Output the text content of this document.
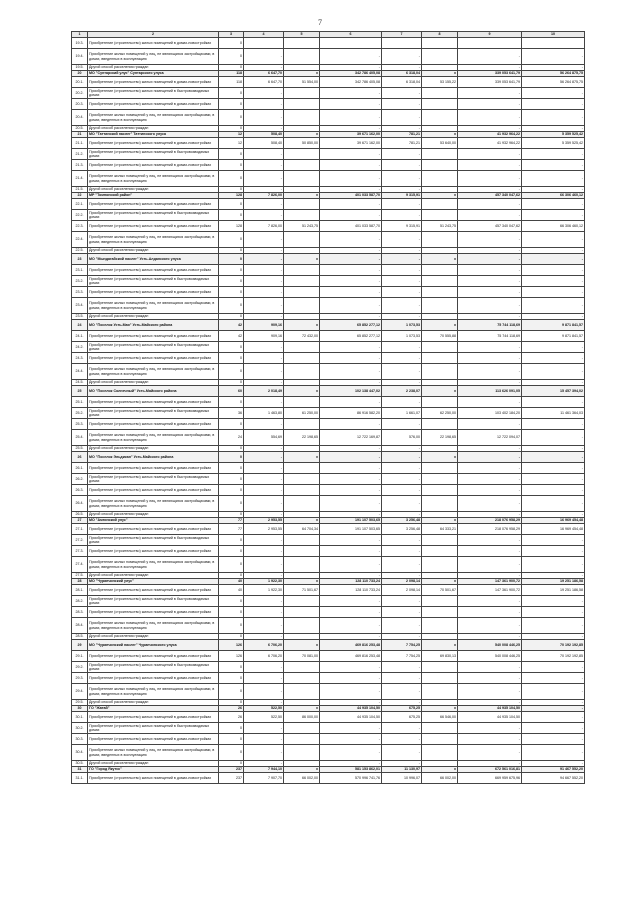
7
1	2	3	4	5	6	7	8	9	10
19.3.	Приобретение (строительство) жилых помещений в домах-новостройках	0							
19.4.	Приобретение жилых помещений у лиц, не являющихся застройщиками, в домах, введенных в эксплуатацию	0	-		-	-		-	-
19.5.	Другой способ расселения граждан	0	-		-	-		-	-
20	МО "Сунтарский улус" Сунтарского улуса	118	6 647,70	х	342 786 405,08	6 318,04	х	339 053 641,79	56 264 875,75
20.1.	Приобретение (строительство) жилых помещений в домах-новостройках	118	6 647,70	51 554,00	342 786 405,08	6 318,04	53 155,22	339 053 641,79	56 264 875,75
20.2.	Приобретение (строительство) жилых помещений в быстровозводимых домах	0	-		-	-		-	-
20.3.	Приобретение (строительство) жилых помещений в домах-новостройках	0	-		-	-		-	-
20.4.	Приобретение жилых помещений у лиц, не являющихся застройщиками, в домах, введенных в эксплуатацию	0	-		-	-		-	-
20.5.	Другой способ расселения граждан	0	-		-	-		-	-
21	МО "Таттинский наслег" Таттинского улуса	12	508,40	х	39 671 162,00	781,21	х	41 932 964,22	5 359 525,42
21.1.	Приобретение (строительство) жилых помещений в домах-новостройках	12	508,40	50 850,00	39 671 162,00	781,21	53 640,00	41 932 964,22	5 359 525,42
21.2.	Приобретение (строительство) жилых помещений в быстровозводимых домах	0	-		-	-		-	-
21.3.	Приобретение (строительство) жилых помещений в домах-новостройках	0	-		-	-		-	-
21.4.	Приобретение жилых помещений у лиц, не являющихся застройщиками, в домах, введенных в эксплуатацию	0	-		-	-		-	-
21.5.	Другой способ расселения граждан	0	-		-	-		-	-
22	МР "Томпонский район"	128	7 826,00	х	401 033 587,70	9 315,91	х	457 340 047,62	66 306 460,12
22.1.	Приобретение (строительство) жилых помещений в домах-новостройках	0	-		-	-		-	-
22.2.	Приобретение (строительство) жилых помещений в быстровозводимых домах	0	-		-	-		-	-
22.3.	Приобретение (строительство) жилых помещений в домах-новостройках	128	7 826,00	51 243,75	401 033 587,70	9 315,91	51 243,75	457 340 047,62	66 306 460,12
22.4.	Приобретение жилых помещений у лиц, не являющихся застройщиками, в домах, введенных в эксплуатацию	0	-		-	-		-	-
22.5.	Другой способ расселения граждан	0	-		-	-		-	-
23	МО "Мындагайский наслег" Усть-Алданского улуса	0	-	х	-	-	х	-	-
23.1.	Приобретение (строительство) жилых помещений в домах-новостройках	0	-		-	-		-	-
23.2.	Приобретение (строительство) жилых помещений в быстровозводимых домах	0	-		-	-		-	-
23.3.	Приобретение (строительство) жилых помещений в домах-новостройках	0	-		-	-		-	-
23.4.	Приобретение жилых помещений у лиц, не являющихся застройщиками, в домах, введенных в эксплуатацию	0	-		-	-		-	-
23.5.	Другой способ расселения граждан	0	-		-	-		-	-
24	МО "Поселок Усть-Мая" Усть-Майского района	42	909,16	х	65 852 277,12	1 073,53	х	75 744 118,69	9 871 841,57
24.1.	Приобретение (строительство) жилых помещений в домах-новостройках	42	909,16	72 432,00	65 852 277,12	1 073,53	70 555,88	75 744 118,69	9 871 841,57
24.2.	Приобретение (строительство) жилых помещений в быстровозводимых домах	0	-		-	-		-	-
24.3.	Приобретение (строительство) жилых помещений в домах-новостройках	0	-		-	-		-	-
24.4.	Приобретение жилых помещений у лиц, не являющихся застройщиками, в домах, введенных в эксплуатацию	0	-		-	-		-	-
24.5.	Другой способ расселения граждан	0	-		-	-		-	-
25	МО "Поселок Солнечный" Усть-Майского района	60	2 018,49	х	102 138 447,02	2 238,07	х	113 626 091,05	15 457 394,02
25.1.	Приобретение (строительство) жилых помещений в домах-новостройках	0	-		-	-		-	-
25.2.	Приобретение (строительство) жилых помещений в быстровозводимых домах	36	1 463,80	61 250,00	86 916 582,20	1 661,07	62 250,00	103 402 184,20	11 461 364,03
25.3.	Приобретение (строительство) жилых помещений в домах-новостройках	0	-		-	-		-	-
25.4.	Приобретение жилых помещений у лиц, не являющихся застройщиками, в домах, введенных в эксплуатацию	24	554,69	22 198,65	12 722 169,87	576,00	22 198,65	12 722 094,07	-
25.5.	Другой способ расселения граждан	0	-		-	-		-	-
26	МО "Поселок Эльдикан" Усть-Майского района	0	-	х	-	-	х	-	-
26.1.	Приобретение (строительство) жилых помещений в домах-новостройках	0	-		-	-		-	-
26.2.	Приобретение (строительство) жилых помещений в быстровозводимых домах	0	-		-	-		-	-
26.3.	Приобретение (строительство) жилых помещений в домах-новостройках	0	-		-	-		-	-
26.4.	Приобретение жилых помещений у лиц, не являющихся застройщиками, в домах, введенных в эксплуатацию	0	-		-	-		-	-
26.5.	Другой способ расселения граждан	0	-		-	-		-	-
27	МО "Амгинский улус"	77	2 953,55	х	191 107 503,65	3 256,48	х	218 076 958,29	16 969 454,48
27.1.	Приобретение (строительство) жилых помещений в домах-новостройках	77	2 953,55	64 704,34	191 107 503,65	3 256,48	64 333,21	218 076 958,29	16 969 454,48
27.2.	Приобретение (строительство) жилых помещений в быстровозводимых домах	0	-		-	-		-	-
27.3.	Приобретение (строительство) жилых помещений в домах-новостройках	0	-		-	-		-	-
27.4.	Приобретение жилых помещений у лиц, не являющихся застройщиками, в домах, введенных в эксплуатацию	0	-		-	-		-	-
27.5.	Другой способ расселения граждан	0	-		-	-		-	-
28	МО "Чурапчинский улус"	40	1 922,30	х	128 110 733,24	2 098,14	х	147 361 900,72	19 251 186,58
28.1.	Приобретение (строительство) жилых помещений в домах-новостройках	40	1 922,30	71 501,67	128 110 733,24	2 098,14	70 501,67	147 361 900,72	19 251 186,58
28.2.	Приобретение (строительство) жилых помещений в быстровозводимых домах	0	-		-	-		-	-
28.3.	Приобретение (строительство) жилых помещений в домах-новостройках	0	-		-	-		-	-
28.4.	Приобретение жилых помещений у лиц, не являющихся застройщиками, в домах, введенных в эксплуатацию	0	-		-	-		-	-
28.5.	Другой способ расселения граждан	0	-		-	-		-	-
29	МО "Чурапчинский наслег" Чурапчинского улуса	126	6 706,20	х	469 816 253,48	7 754,25	х	540 008 446,25	70 192 192,85
29.1.	Приобретение (строительство) жилых помещений в домах-новостройках	126	6 706,20	70 081,00	469 816 253,48	7 754,25	69 830,13	540 008 446,25	70 192 192,85
29.2.	Приобретение (строительство) жилых помещений в быстровозводимых домах	0	-		-	-		-	-
29.3.	Приобретение (строительство) жилых помещений в домах-новостройках	0	-		-	-		-	-
29.4.	Приобретение жилых помещений у лиц, не являющихся застройщиками, в домах, введенных в эксплуатацию	0	-		-	-		-	-
29.5.	Другой способ расселения граждан	0	-		-	-		-	-
30	ГО "Жатай"	26	522,50	х	44 935 104,50	675,25	х	44 935 104,50	-
30.1.	Приобретение (строительство) жилых помещений в домах-новостройках	26	522,50	86 000,00	44 935 104,50	675,25	66 546,00	44 935 104,50	-
30.2.	Приобретение (строительство) жилых помещений в быстровозводимых домах	0	-		-	-		-	-
30.3.	Приобретение (строительство) жилых помещений в домах-новостройках	0	-		-	-		-	-
30.4.	Приобретение жилых помещений у лиц, не являющихся застройщиками, в домах, введенных в эксплуатацию	0	-		-	-		-	-
30.5.	Другой способ расселения граждан	0	-		-	-		-	-
31	ГО "Город Якутск"	237	7 944,10	х	581 153 862,01	11 130,97	х	672 561 016,81	91 467 552,20
31.1.	Приобретение (строительство) жилых помещений в домах-новостройках	237	7 907,70	66 002,00	570 996 741,76	10 996,07	66 002,00	669 959 675,96	94 667 552,20
